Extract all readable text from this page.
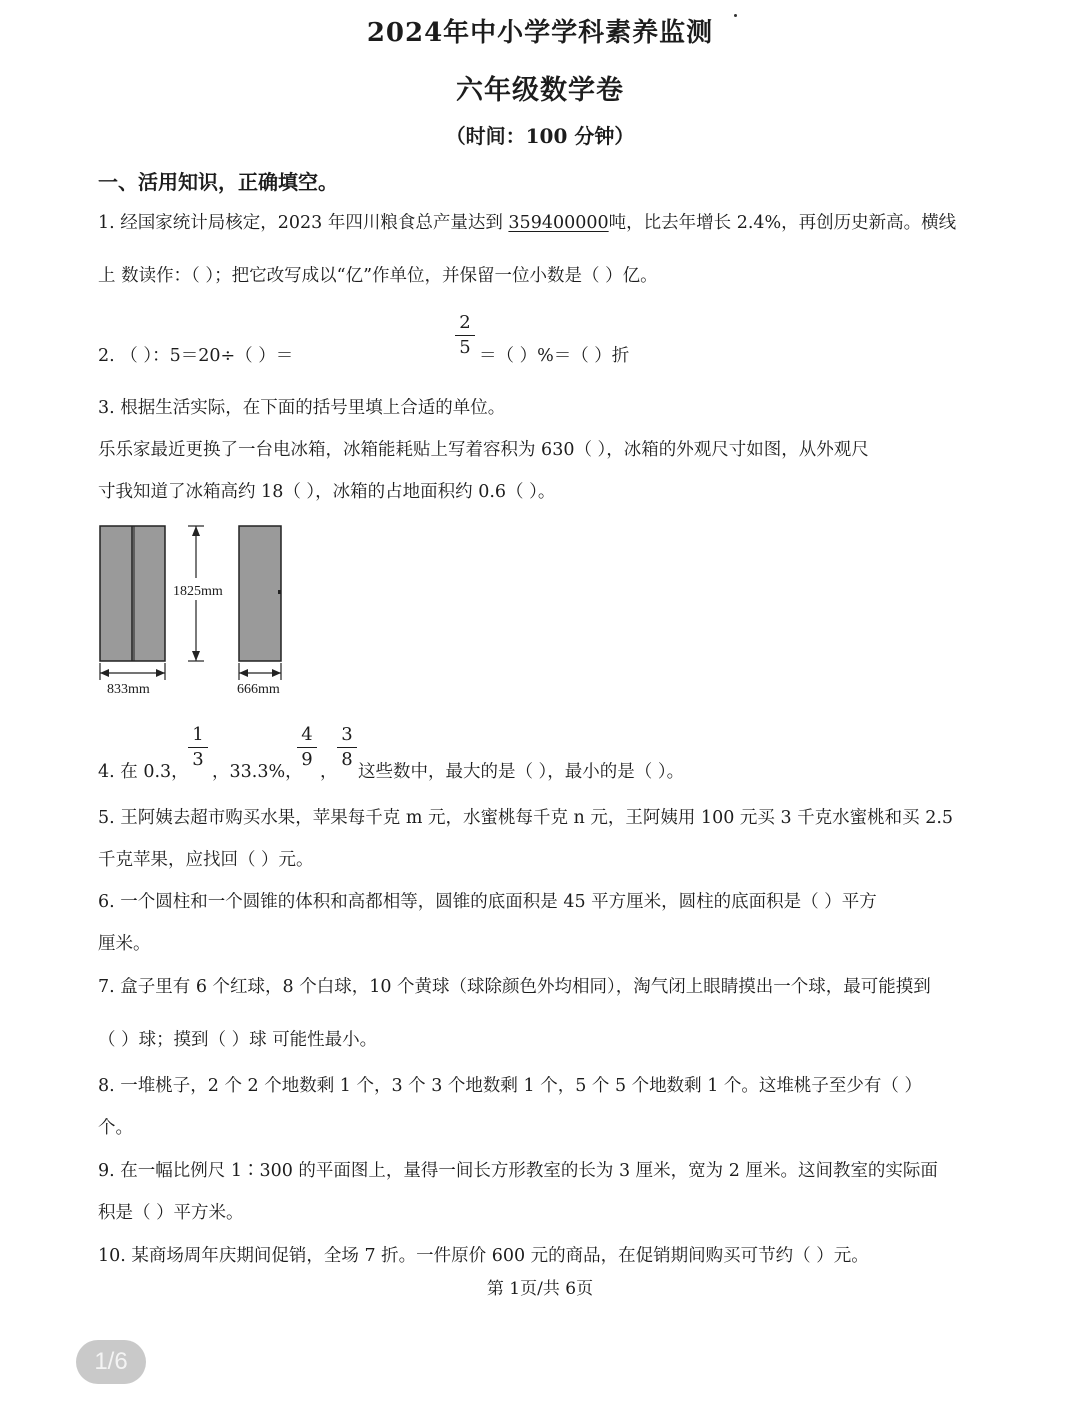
2024年中小学学科素养监测
六年级数学卷
（时间：100 分钟）
一、活用知识，正确填空。
1. 经国家统计局核定，2023 年四川粮食总产量达到 359400000吨，比去年增长 2.4%，再创历史新高。横线
上 数读作：（ ）；把它改写成以“亿”作单位，并保留一位小数是（ ）亿。
2. （ ）：5＝20÷（ ）＝
2
5 ＝（ ）%＝（ ）折
3. 根据生活实际，在下面的括号里填上合适的单位。
乐乐家最近更换了一台电冰箱，冰箱能耗贴上写着容积为 630（ ），冰箱的外观尺寸如图，从外观尺
寸我知道了冰箱高约 18（ ），冰箱的占地面积约 0.6（ ）。
1825mm
833mm	666mm
4. 在 0.3，
1
3
，33.3%，
4
9
，
3
8
这些数中，最大的是（ ），最小的是（ ）。
5. 王阿姨去超市购买水果，苹果每千克 m 元，水蜜桃每千克 n 元，王阿姨用 100 元买 3 千克水蜜桃和买 2.5
千克苹果，应找回（ ）元。
6. 一个圆柱和一个圆锥的体积和高都相等，圆锥的底面积是 45 平方厘米，圆柱的底面积是（ ）平方
厘米。
7. 盒子里有 6 个红球，8 个白球，10 个黄球（球除颜色外均相同），淘气闭上眼睛摸出一个球，最可能摸到
（ ）球；摸到（ ）球 可能性最小。
8. 一堆桃子，2 个 2 个地数剩 1 个，3 个 3 个地数剩 1 个，5 个 5 个地数剩 1 个。这堆桃子至少有（ ）
个。
9. 在一幅比例尺 1∶300 的平面图上，量得一间长方形教室的长为 3 厘米，宽为 2 厘米。这间教室的实际面
积是（ ）平方米。
10. 某商场周年庆期间促销，全场 7 折。一件原价 600 元的商品，在促销期间购买可节约（ ）元。
第 1页/共 6页
1/6
